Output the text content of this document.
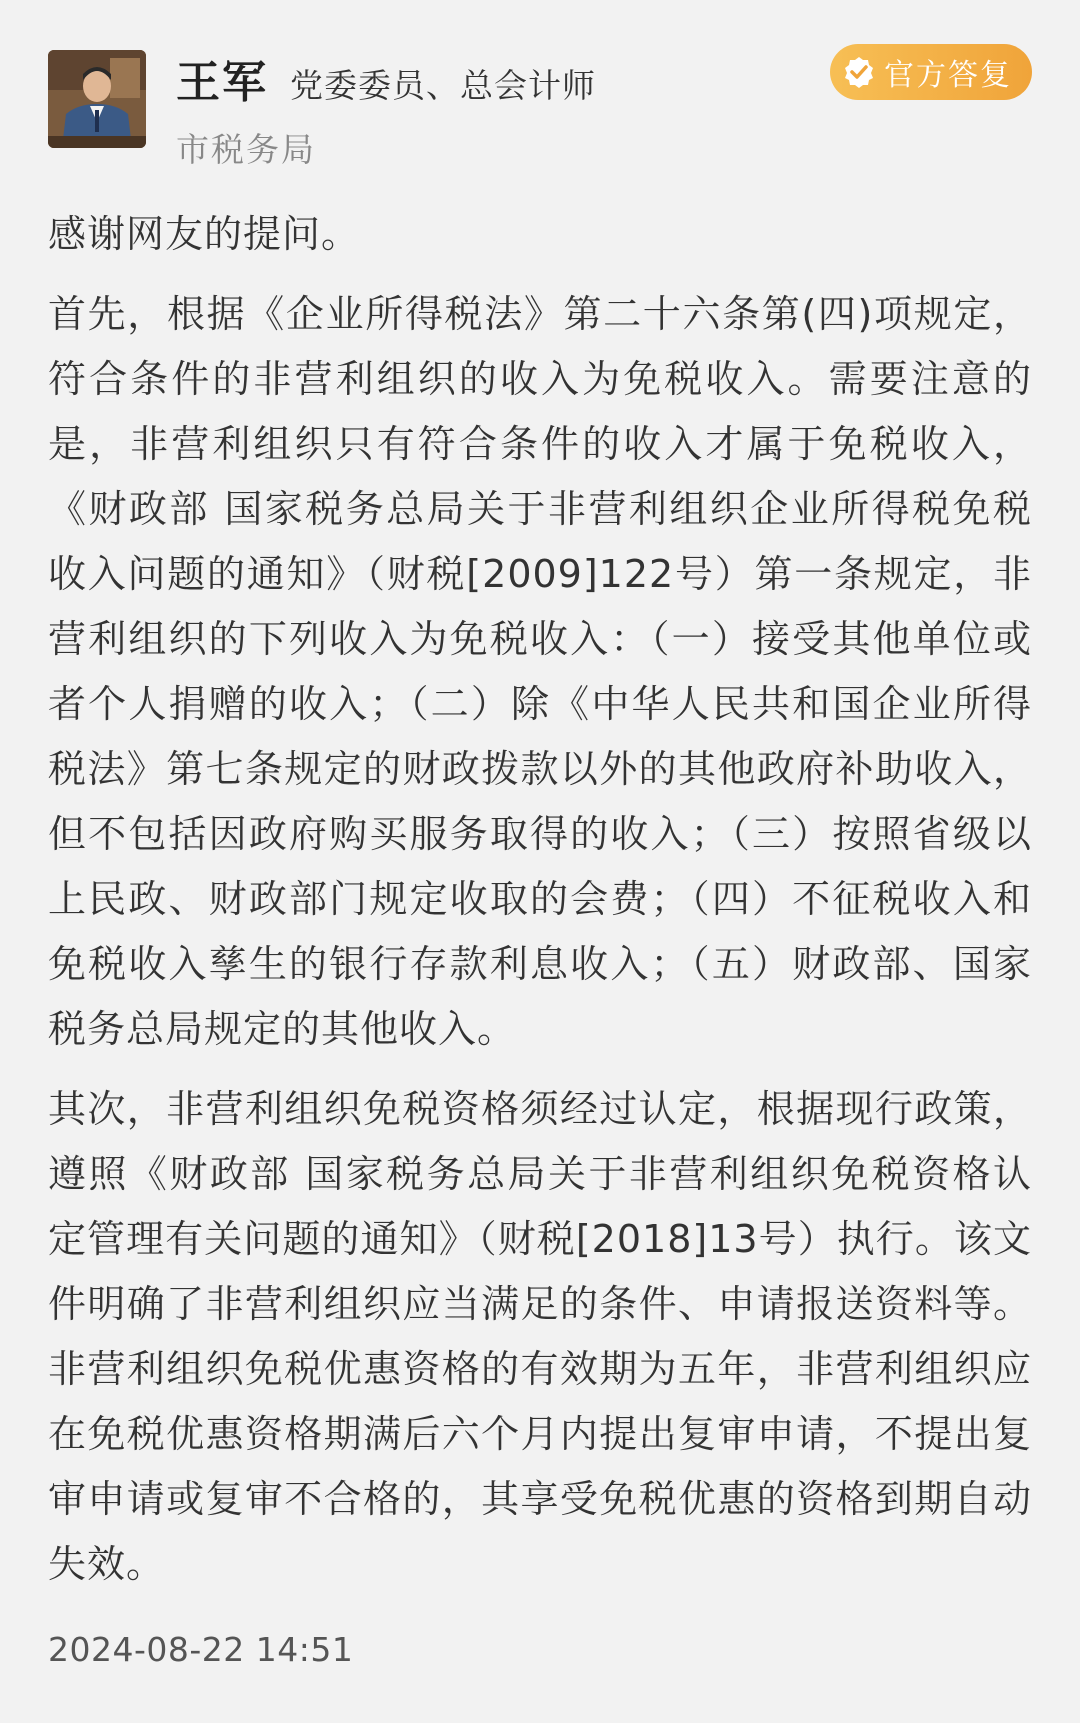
王军 党委委员、总会计师
市税务局
官方答复

感谢网友的提问。

首先，根据《企业所得税法》第二十六条第(四)项规定，符合条件的非营利组织的收入为免税收入。需要注意的是，非营利组织只有符合条件的收入才属于免税收入，《财政部 国家税务总局关于非营利组织企业所得税免税收入问题的通知》（财税[2009]122号）第一条规定，非营利组织的下列收入为免税收入：（一）接受其他单位或者个人捐赠的收入；（二）除《中华人民共和国企业所得税法》第七条规定的财政拨款以外的其他政府补助收入，但不包括因政府购买服务取得的收入；（三）按照省级以上民政、财政部门规定收取的会费；（四）不征税收入和免税收入孳生的银行存款利息收入；（五）财政部、国家税务总局规定的其他收入。

其次，非营利组织免税资格须经过认定，根据现行政策，遵照《财政部 国家税务总局关于非营利组织免税资格认定管理有关问题的通知》（财税[2018]13号）执行。该文件明确了非营利组织应当满足的条件、申请报送资料等。非营利组织免税优惠资格的有效期为五年，非营利组织应在免税优惠资格期满后六个月内提出复审申请，不提出复审申请或复审不合格的，其享受免税优惠的资格到期自动失效。

2024-08-22 14:51
